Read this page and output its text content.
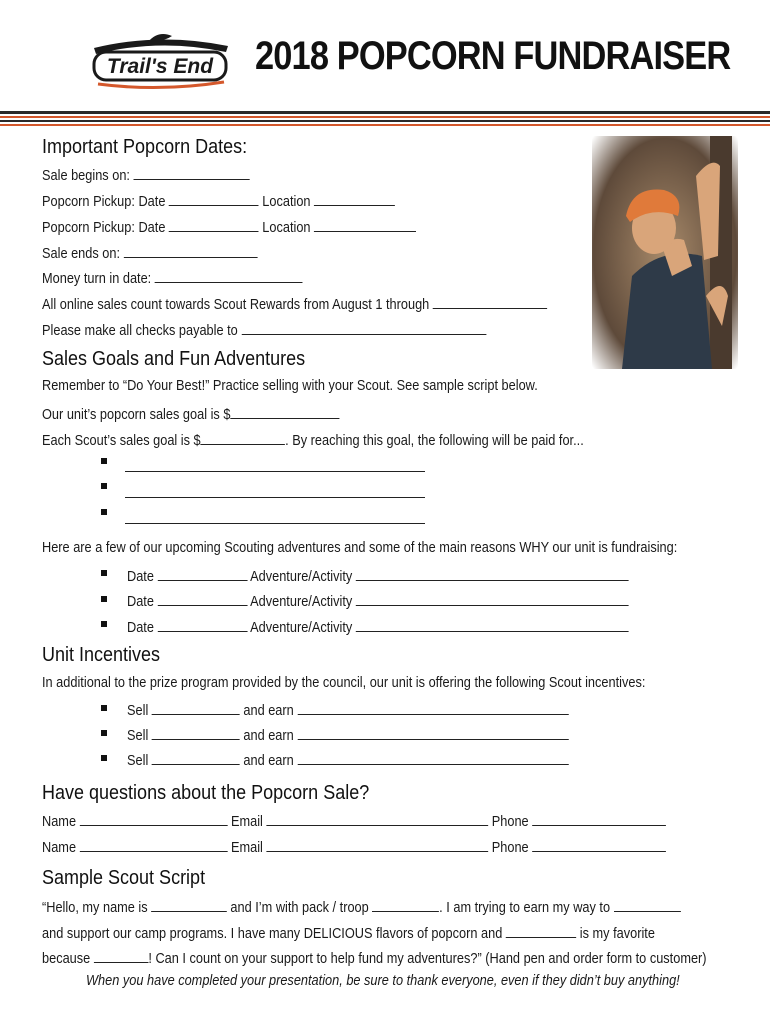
Trail's End 2018 POPCORN FUNDRAISER
Important Popcorn Dates:
Sale begins on:
Popcorn Pickup: Date	Location
Popcorn Pickup: Date	Location
Sale ends on:
Money turn in date:
All online sales count towards Scout Rewards from August 1 through
Please make all checks payable to
Sales Goals and Fun Adventures
Remember to “Do Your Best!” Practice selling with your Scout. See sample script below.
Our unit’s popcorn sales goal is $
Each Scout’s sales goal is $	. By reaching this goal, the following will be paid for...
Here are a few of our upcoming Scouting adventures and some of the main reasons WHY our unit is fundraising:
Date	Adventure/Activity
Date	Adventure/Activity
Date	Adventure/Activity
Unit Incentives
In additional to the prize program provided by the council, our unit is offering the following Scout incentives:
Sell	and earn
Sell	and earn
Sell	and earn
Have questions about the Popcorn Sale?
Name	Email	Phone
Name	Email	Phone
Sample Scout Script
“Hello, my name is	and I’m with pack / troop	. I am trying to earn my way to
and support our camp programs. I have many DELICIOUS flavors of popcorn and	is my favorite
because	! Can I count on your support to help fund my adventures?” (Hand pen and order form to customer)
When you have completed your presentation, be sure to thank everyone, even if they didn’t buy anything!
